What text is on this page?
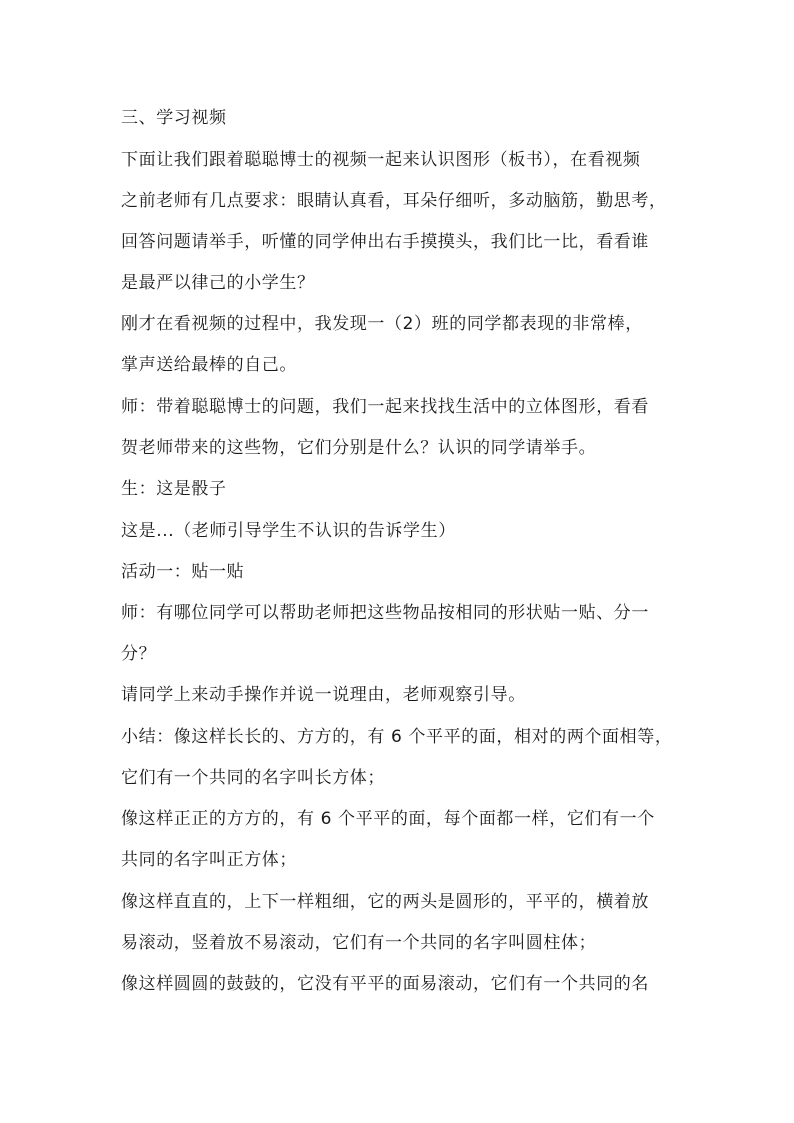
三、学习视频
下面让我们跟着聪聪博士的视频一起来认识图形（板书），在看视频
之前老师有几点要求：眼睛认真看，耳朵仔细听，多动脑筋，勤思考，
回答问题请举手，听懂的同学伸出右手摸摸头，我们比一比，看看谁
是最严以律己的小学生？
刚才在看视频的过程中，我发现一（2）班的同学都表现的非常棒，
掌声送给最棒的自己。
师：带着聪聪博士的问题，我们一起来找找生活中的立体图形，看看
贺老师带来的这些物，它们分别是什么？认识的同学请举手。
生：这是骰子
这是...（老师引导学生不认识的告诉学生）
活动一：贴一贴
师：有哪位同学可以帮助老师把这些物品按相同的形状贴一贴、分一
分？
请同学上来动手操作并说一说理由，老师观察引导。
小结：像这样长长的、方方的，有 6 个平平的面，相对的两个面相等，
它们有一个共同的名字叫长方体；
像这样正正的方方的，有 6 个平平的面，每个面都一样，它们有一个
共同的名字叫正方体；
像这样直直的，上下一样粗细，它的两头是圆形的，平平的，横着放
易滚动，竖着放不易滚动，它们有一个共同的名字叫圆柱体；
像这样圆圆的鼓鼓的，它没有平平的面易滚动，它们有一个共同的名
